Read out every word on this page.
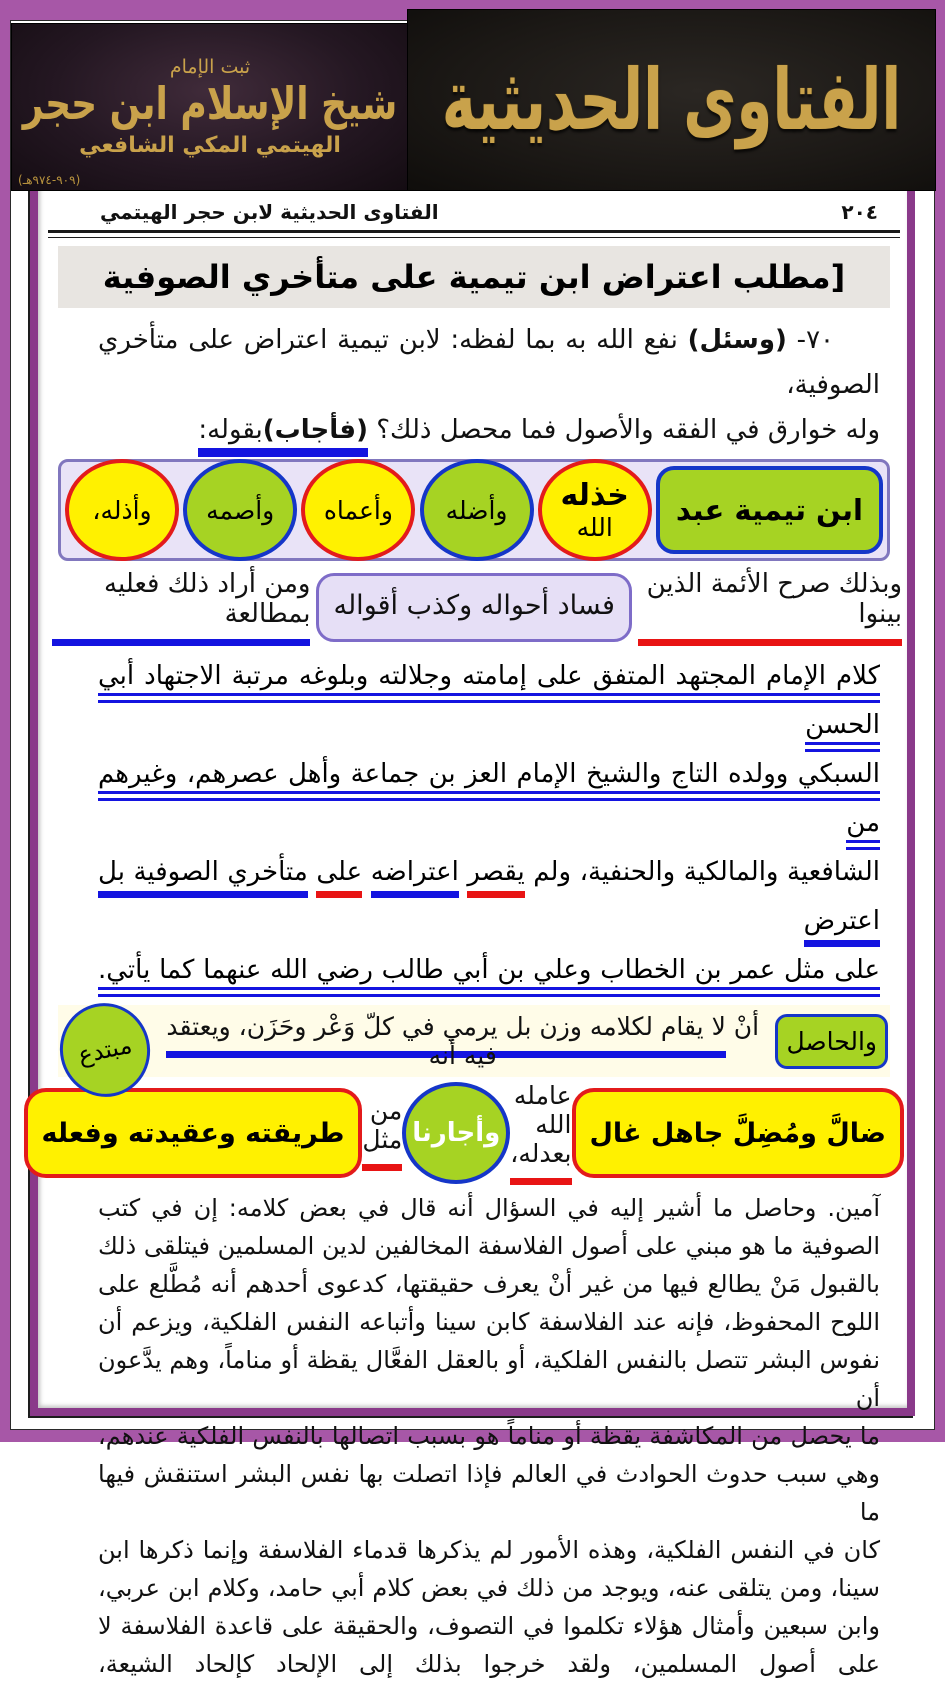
ثبت الإمام
شيخ الإسلام ابن حجر
الهيتمي المكي الشافعي
(٩٠٩-٩٧٤هـ)
الفتاوى الحديثية
الفتاوى الحديثية لابن حجر الهيتمي	٢٠٤
[مطلب اعتراض ابن تيمية على متأخري الصوفية
٧٠- (وسئل) نفع الله به بما لفظه: لابن تيمية اعتراض على متأخري الصوفية،
وله خوارق في الفقه والأصول فما محصل ذلك؟ (فأجاب)بقوله:
ابن تيمية عبد
خذله الله
وأضله
وأعماه
وأصمه
وأذله،
وبذلك صرح الأئمة الذين بينوا
فساد أحواله وكذب أقواله
ومن أراد ذلك فعليه بمطالعة
كلام الإمام المجتهد المتفق على إمامته وجلالته وبلوغه مرتبة الاجتهاد أبي الحسن
السبكي وولده التاج والشيخ الإمام العز بن جماعة وأهل عصرهم، وغيرهم من
الشافعية والمالكية والحنفية، ولم يقصر اعتراضه على متأخري الصوفية بل اعترض
على مثل عمر بن الخطاب وعلي بن أبي طالب رضي الله عنهما كما يأتي.
والحاصل
أنْ لا يقام لكلامه وزن بل يرمي في كلّ وَعْر وحَزَن، ويعتقد فيه أنه
مبتدع
ضالَّ ومُضِلَّ جاهل غال
عامله الله بعدله،
وأجارنا
من مثل
طريقته وعقيدته وفعله
آمين. وحاصل ما أشير إليه في السؤال أنه قال في بعض كلامه: إن في كتب
الصوفية ما هو مبني على أصول الفلاسفة المخالفين لدين المسلمين فيتلقى ذلك
بالقبول مَنْ يطالع فيها من غير أنْ يعرف حقيقتها، كدعوى أحدهم أنه مُطَّلع على
اللوح المحفوظ، فإنه عند الفلاسفة كابن سينا وأتباعه النفس الفلكية، ويزعم أن
نفوس البشر تتصل بالنفس الفلكية، أو بالعقل الفعَّال يقظة أو مناماً، وهم يدَّعون أن
ما يحصل من المكاشفة يقظة أو مناماً هو بسبب اتصالها بالنفس الفلكية عندهم،
وهي سبب حدوث الحوادث في العالم فإذا اتصلت بها نفس البشر استنقش فيها ما
كان في النفس الفلكية، وهذه الأمور لم يذكرها قدماء الفلاسفة وإنما ذكرها ابن
سينا، ومن يتلقى عنه، ويوجد من ذلك في بعض كلام أبي حامد، وكلام ابن عربي،
وابن سبعين وأمثال هؤلاء تكلموا في التصوف، والحقيقة على قاعدة الفلاسفة لا
على أصول المسلمين، ولقد خرجوا بذلك إلى الإلحاد كإلحاد الشيعة،
